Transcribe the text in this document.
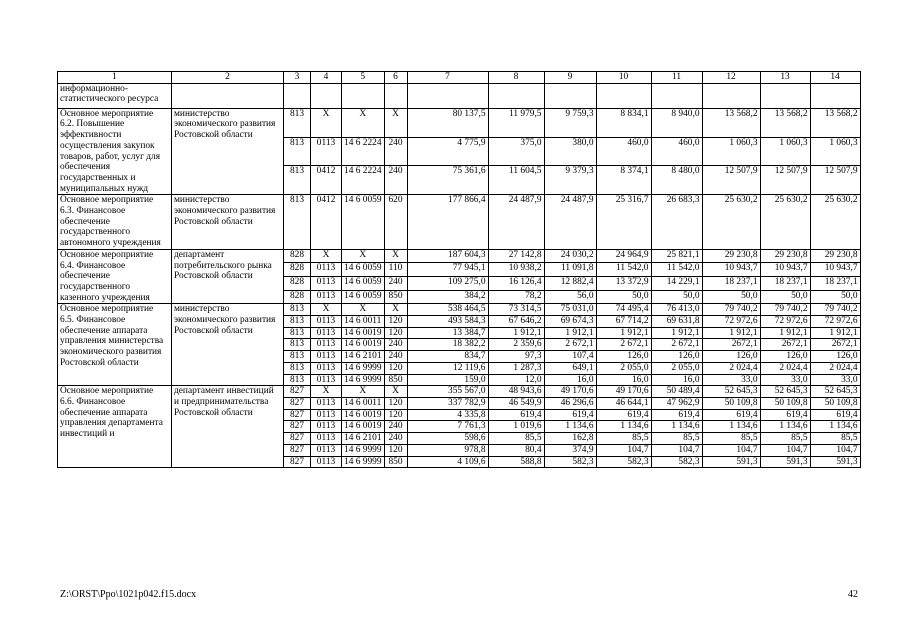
1	2	3	4	5	6	7	8	9	10	11	12	13	14
информационно-статистического ресурса													
Основное мероприятие 6.2. Повышение эффективности осуществления закупок товаров, работ, услуг для обеспечения государственных и муниципальных нужд	министерство экономического развития Ростовской области	813	X	X	X	80 137,5	11 979,5	9 759,3	8 834,1	8 940,0	13 568,2	13 568,2	13 568,2
		813	0113	14 6 2224	240	4 775,9	375,0	380,0	460,0	460,0	1 060,3	1 060,3	1 060,3
		813	0412	14 6 2224	240	75 361,6	11 604,5	9 379,3	8 374,1	8 480,0	12 507,9	12 507,9	12 507,9
Основное мероприятие 6.3. Финансовое обеспечение государственного автономного учреждения	министерство экономического развития Ростовской области	813	0412	14 6 0059	620	177 866,4	24 487,9	24 487,9	25 316,7	26 683,3	25 630,2	25 630,2	25 630,2
Основное мероприятие 6.4. Финансовое обеспечение государственного казенного учреждения	департамент потребительского рынка Ростовской области	828	X	X	X	187 604,3	27 142,8	24 030,2	24 964,9	25 821,1	29 230,8	29 230,8	29 230,8
		828	0113	14 6 0059	110	77 945,1	10 938,2	11 091,8	11 542,0	11 542,0	10 943,7	10 943,7	10 943,7
		828	0113	14 6 0059	240	109 275,0	16 126,4	12 882,4	13 372,9	14 229,1	18 237,1	18 237,1	18 237,1
		828	0113	14 6 0059	850	384,2	78,2	56,0	50,0	50,0	50,0	50,0	50,0
Основное мероприятие 6.5. Финансовое обеспечение аппарата управления министерства экономического развития Ростовской области	министерство экономического развития Ростовской области	813	X	X	X	538 464,5	73 314,5	75 031,0	74 495,4	76 413,0	79 740,2	79 740,2	79 740,2
		813	0113	14 6 0011	120	493 584,3	67 646,2	69 674,3	67 714,2	69 631,8	72 972,6	72 972,6	72 972,6
		813	0113	14 6 0019	120	13 384,7	1 912,1	1 912,1	1 912,1	1 912,1	1 912,1	1 912,1	1 912,1
		813	0113	14 6 0019	240	18 382,2	2 359,6	2 672,1	2 672,1	2 672,1	2672,1	2672,1	2672,1
		813	0113	14 6 2101	240	834,7	97,3	107,4	126,0	126,0	126,0	126,0	126,0
		813	0113	14 6 9999	120	12 119,6	1 287,3	649,1	2 055,0	2 055,0	2 024,4	2 024,4	2 024,4
		813	0113	14 6 9999	850	159,0	12,0	16,0	16,0	16,0	33,0	33,0	33,0
Основное мероприятие 6.6. Финансовое обеспечение аппарата управления департамента инвестиций и	департамент инвестиций и предпринимательства Ростовской области	827	X	X	X	355 567,0	48 943,6	49 170,6	49 170,6	50 489,4	52 645,3	52 645,3	52 645,3
		827	0113	14 6 0011	120	337 782,9	46 549,9	46 296,6	46 644,1	47 962,9	50 109,8	50 109,8	50 109,8
		827	0113	14 6 0019	120	4 335,8	619,4	619,4	619,4	619,4	619,4	619,4	619,4
		827	0113	14 6 0019	240	7 761,3	1 019,6	1 134,6	1 134,6	1 134,6	1 134,6	1 134,6	1 134,6
		827	0113	14 6 2101	240	598,6	85,5	162,8	85,5	85,5	85,5	85,5	85,5
		827	0113	14 6 9999	120	978,8	80,4	374,9	104,7	104,7	104,7	104,7	104,7
		827	0113	14 6 9999	850	4 109,6	588,8	582,3	582,3	582,3	591,3	591,3	591,3
Z:\ORST\Ppo\1021p042.f15.docx	42
